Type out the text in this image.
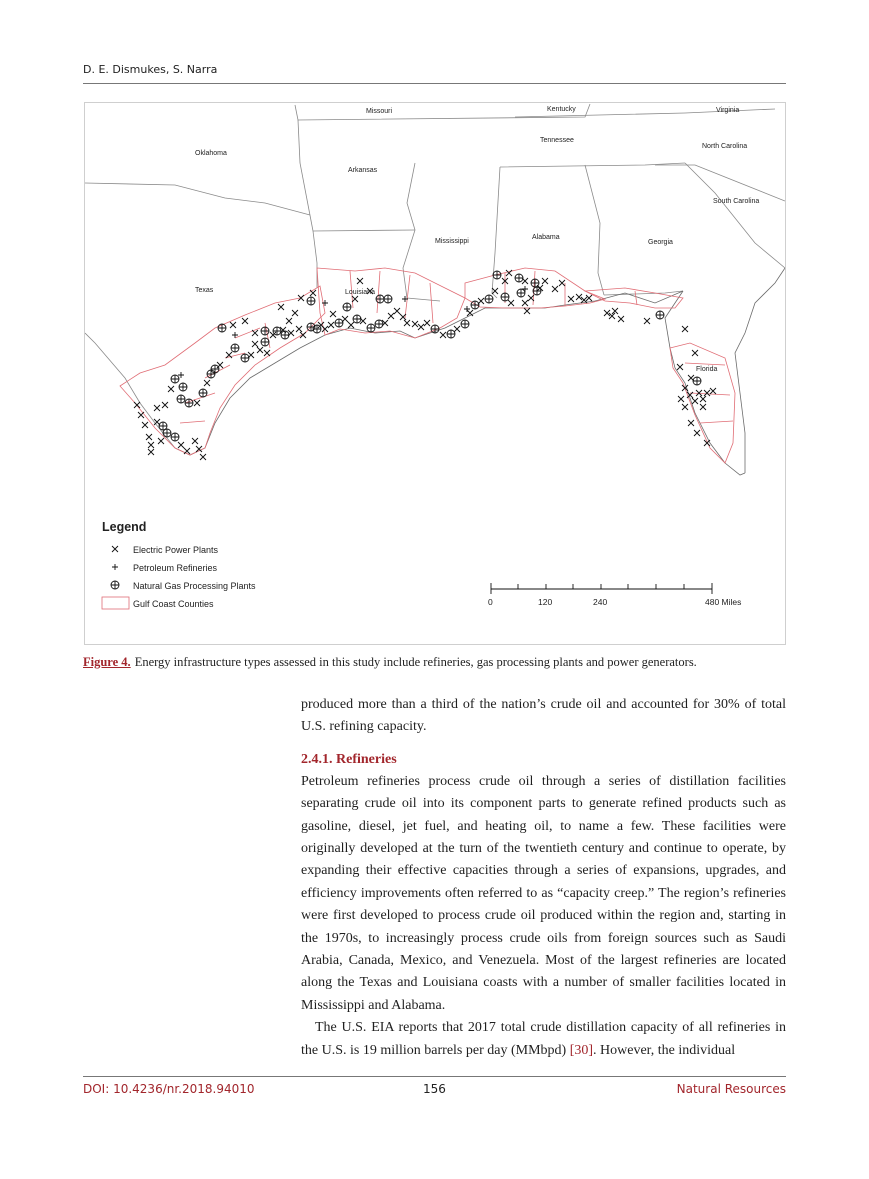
D. E. Dismukes, S. Narra
Missouri	Kentucky	Virginia
Tennessee
North Carolina
Oklahoma
Arkansas
South Carolina
Mississippi
Alabama
Georgia
Texas	Louisiana
Florida
Legend
Electric Power Plants
Petroleum Refineries
Natural Gas Processing Plants
Gulf Coast Counties	0	120	240	480 Miles
Figure 4. Energy infrastructure types assessed in this study include refineries, gas processing plants and power generators.

produced more than a third of the nation’s crude oil and accounted for 30% of total U.S. refining capacity.

2.4.1. Refineries

Petroleum refineries process crude oil through a series of distillation facilities separating crude oil into its component parts to generate refined products such as gasoline, diesel, jet fuel, and heating oil, to name a few. These facilities were originally developed at the turn of the twentieth century and continue to operate, by expanding their effective capacities through a series of expansions, upgrades, and efficiency improvements often referred to as “capacity creep.” The region’s refineries were first developed to process crude oil produced within the region and, starting in the 1970s, to increasingly process crude oils from foreign sources such as Saudi Arabia, Canada, Mexico, and Venezuela. Most of the largest refineries are located along the Texas and Louisiana coasts with a number of smaller facilities located in Mississippi and Alabama.

The U.S. EIA reports that 2017 total crude distillation capacity of all refineries in the U.S. is 19 million barrels per day (MMbpd) [30]. However, the individual

DOI: 10.4236/nr.2018.94010	156	Natural Resources
